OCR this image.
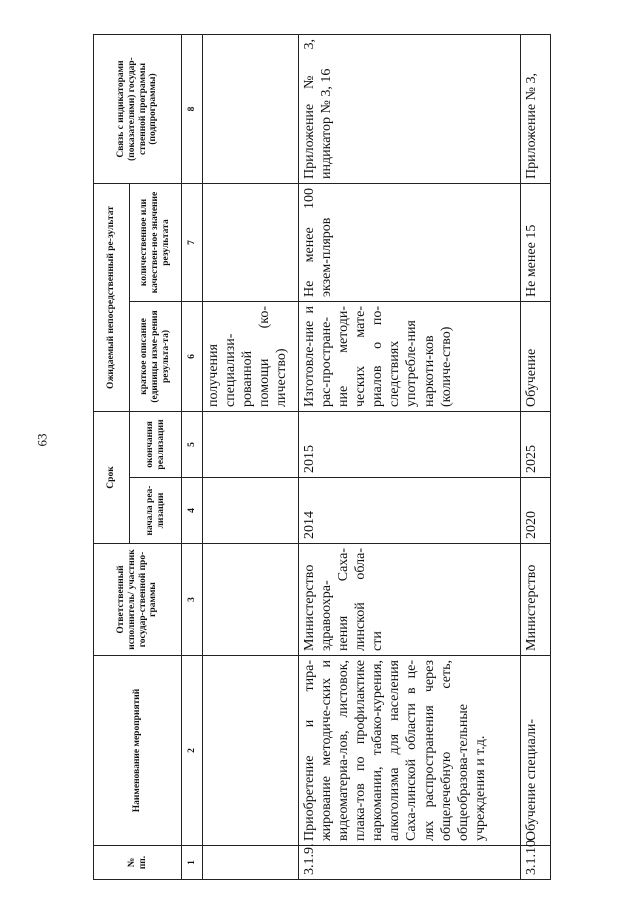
63
№ пп.	Наименование мероприятий	Ответственный исполнитель/ участник государ-ственной про-граммы	Срок		Ожидаемый непосредственный ре-зультат		Связь с индикаторами (показателями) государ-ственной программы (подпрограммы)
			начала реа-лизации	окончания реализации	краткое описание (единицы изме-рения результа-та)	количественное или качествен-ное значение результата	
1	2	3	4	5	6	7	8
					получения специализи-рованной помощи (ко-личество)		
3.1.9.	Приобретение и тира-жирование методиче-ских и видеоматериа-лов, листовок, плака-тов по профилактике наркомании, табако-курения, алкоголизма для населения Саха-линской области в це-лях распространения через общелечебную сеть, общеобразова-тельные учреждения и т.д.	Министерство здравоохра-нения Саха-линской обла-сти	2014	2015	Изготовле-ние и рас-простране-ние методи-ческих мате-риалов о по-следствиях употребле-ния наркоти-ков (количе-ство)	Не менее 100 экзем-пляров	Приложение № 3, индикатор № 3, 16
3.1.10.	Обучение специали-	Министерство	2020	2025	Обучение	Не менее 15	Приложение № 3,
